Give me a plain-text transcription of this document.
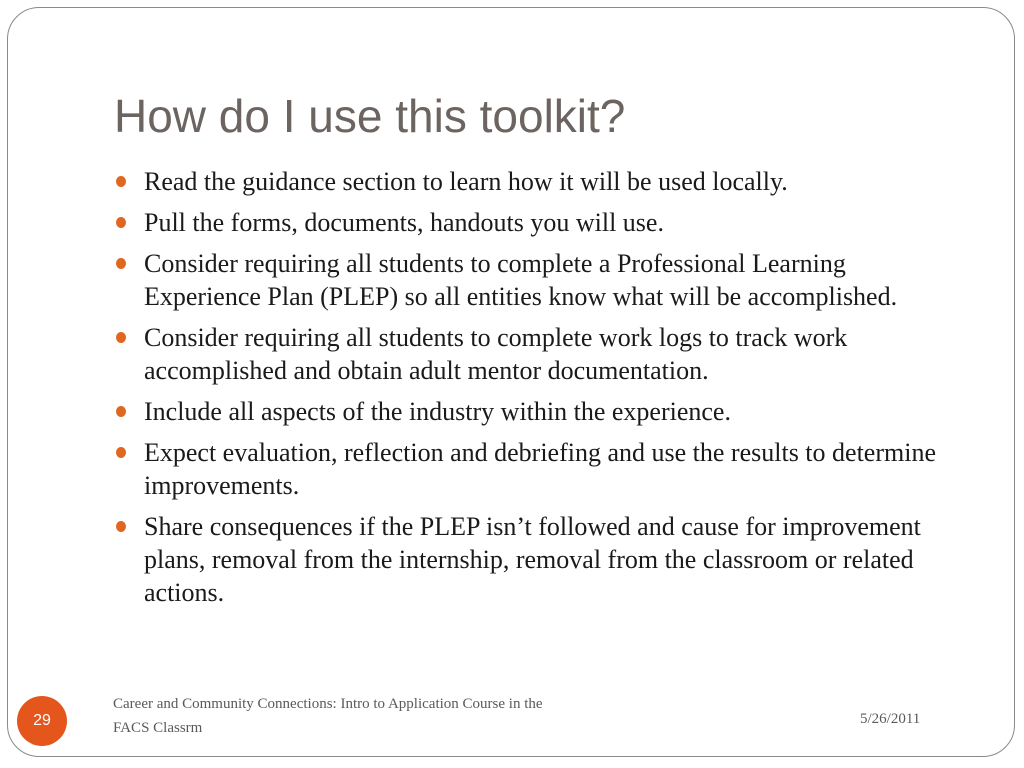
How do I use this toolkit?
Read the guidance section to learn how it will be used locally.
Pull the forms, documents, handouts you will use.
Consider requiring all students to complete a Professional Learning Experience Plan (PLEP) so all entities know what will be accomplished.
Consider requiring all students to complete work logs to track work accomplished and obtain adult mentor documentation.
Include all aspects of the industry within the experience.
Expect evaluation, reflection and debriefing and use the results to determine improvements.
Share consequences if the PLEP isn’t followed and cause for improvement plans, removal from the internship, removal from the classroom or related actions.
29
Career and Community Connections: Intro to Application Course in the FACS Classrm
5/26/2011
